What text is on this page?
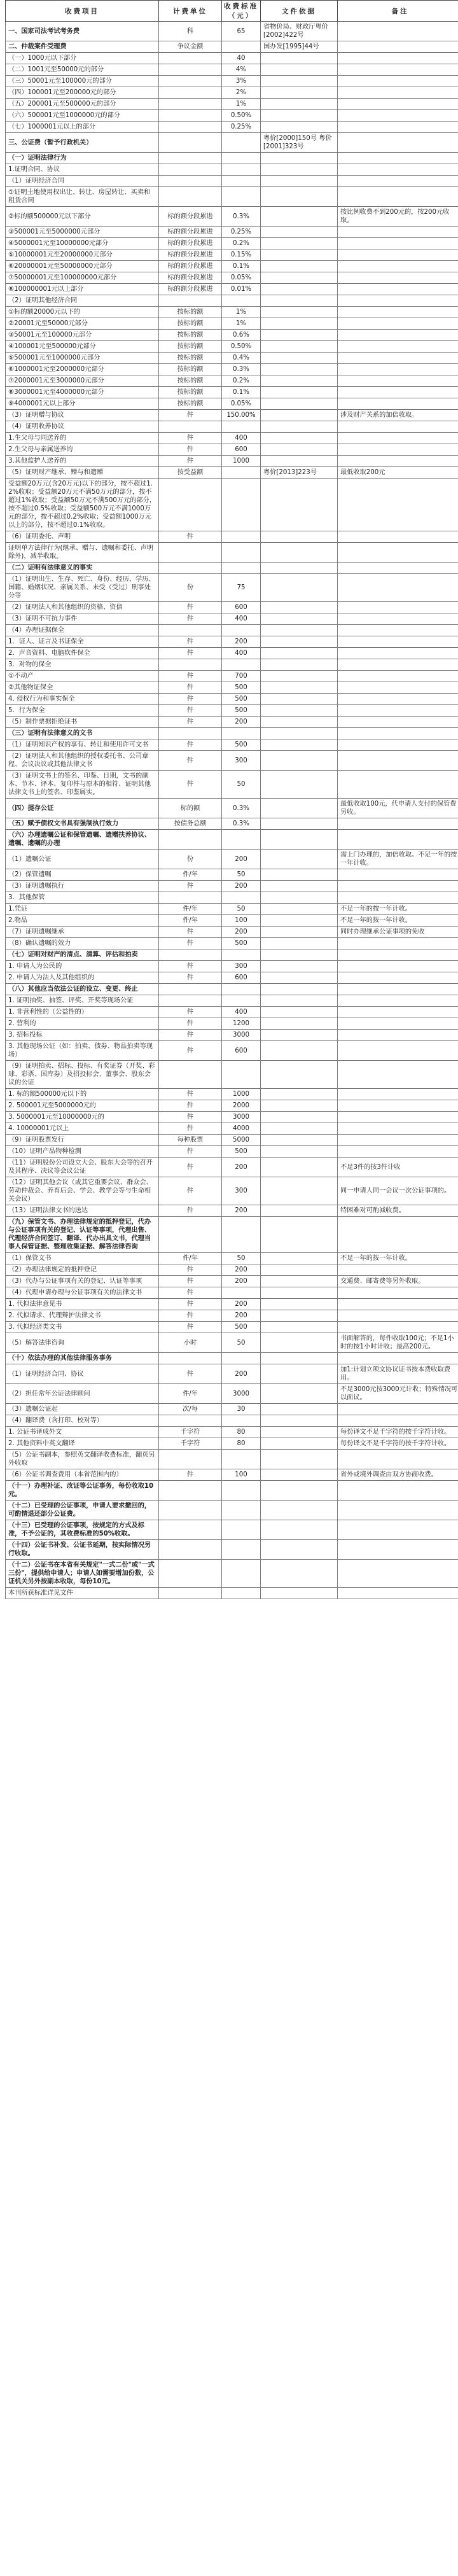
收费项目	计费单位	收费标准（元）	文件依据	备注
一、国家司法考试考务费	科	65	省物价局、财政厅粤价[2002]422号	
二、仲裁案件受理费	争议金额		国办发[1995]44号	
（一）1000元以下部分		40		
（二）1001元至50000元的部分		4%		
（三）50001元至100000元的部分		3%		
（四）100001元至200000元的部分		2%		
（五）200001元至500000元的部分		1%		
（六）500001元至1000000元的部分		0.50%		
（七）1000001元以上的部分		0.25%		
三、公证费（暂予行政机关）			粤价[2000]150号 粤价[2001]323号	
（一）证明法律行为				
1.证明合同、协议				
（1）证明经济合同				
①证明土地使用权出让、转让、房屋转让、买卖和租赁合同				
②标的额500000元以下部分	标的额分段累进	0.3%		按比例收费不到200元的，按200元收取。
③500001元至5000000元部分	标的额分段累进	0.25%		
④5000001元至10000000元部分	标的额分段累进	0.2%		
⑤10000001元至20000000元部分	标的额分段累进	0.15%		
⑥20000001元至50000000元部分	标的额分段累进	0.1%		
⑦50000001元至100000000元部分	标的额分段累进	0.05%		
⑧100000001元以上部分	标的额分段累进	0.01%		
（2）证明其他经济合同				
①标的额20000元以下的	按标的额	1%		
②20001元至50000元部分	按标的额	1%		
③50001元至100000元部分	按标的额	0.6%		
④100001元至500000元部分	按标的额	0.50%		
⑤500001元至1000000元部分	按标的额	0.4%		
⑥1000001元至2000000元部分	按标的额	0.3%		
⑦2000001元至3000000元部分	按标的额	0.2%		
⑧3000001元至4000000元部分	按标的额	0.1%		
⑨4000001元以上部分	按标的额	0.05%		
（3）证明赠与协议	件	150.00%		涉及财产关系的加倍收取。
（4）证明收养协议				
1.生父母与同送养的	件	400		
2.生父母与亲属送养的	件	600		
3.其他监护人送养的	件	1000		
（5）证明财产继承、赠与和遗赠	按受益额		粤价[2013]223号	最低收取200元
受益额20万元(含20万元)以下的部分，按不超过1.2%收取；受益额20万元不满50万元的部分，按不超过1%收取；受益额50万元不满500万元的部分，按不超过0.5%收取；受益额500万元不满1000万元的部分，按不超过0.2%收取；受益额1000万元以上的部分，按不超过0.1%收取。				
（6）证明委托、声明	件			
证明单方法律行为(继承、赠与、遗嘱和委托、声明除外)，减半收取。				
（二）证明有法律意义的事实				
（1）证明出生、生存、死亡、身份、经历、学历、国籍、婚姻状况、亲属关系、未受（受过）刑事处分等	份	75		
（2）证明法人和其他组织的资格、资信	件	600		
（3）证明不可抗力事件	件	400		
（4）办理证据保全				
1．证人、证言及书证保全	件	200		
2．声音资料、电脑软件保全	件	400		
3．对物的保全				
①不动产	件	700		
②其他物证保全	件	500		
4. 侵权行为和事实保全	件	500		
5．行为保全	件	500		
（5）制作票据拒绝证书	件	200		
（三）证明有法律意义的文书				
（1）证明知识产权的享有、转让和使用许可文书	件	500		
（2）证明法人和其他组织的授权委托书、公司章程、会议决议或其他法律文书	件	300		
（3）证明文书上的签名、印鉴、日期，文书的副本、节本、译本、复印件与原本的相符、证明其他法律文书上的签名、印鉴属实。	件	50		
（四）提存公证	标的额	0.3%		最低收取100元，代申请人支付的保管费另收。
（五）赋予债权文书具有强制执行效力	按债务总额	0.3%		
（六）办理遗嘱公证和保管遗嘱、遗赠扶养协议、遗嘱、遗嘱的办理				
（1）遗嘱公证	份	200		需上门办理的，加倍收取。不足一年的按一年计收。
（2）保管遗嘱	件/年	50		
（3）证明遗嘱执行	件	200		
3．其他保管				
1.凭证	件/年	50		不足一年的按一年计收。
2.物品	件/年	100		不足一年的按一年计收。
（7）证明遗嘱继承	件	200		同时办理继承公证事项的免收
（8）确认遗嘱的效力	件	500		
（七）证明对财产的清点、清算、评估和拍卖				
1. 申请人为公民的	件	300		
2. 申请人为法人及其他组织的	件	600		
（八）其他应当依法公证的设立、变更、终止				
1. 证明抽奖、抽签、评奖、开奖等现场公证				
1. 非营利性的（公益性的）	件	400		
2. 营利的	件	1200		
3. 招标投标	件	3000		
3. 其他现场公证（如：拍卖、债券、物品拍卖等现场）	件	600		
（9）证明拍卖、招标、投标、有奖证券（开奖、彩球、彩票、国库券）及招投标会、董事会、股东会议的公证				
1. 标的额500000元以下的	件	1000		
2. 500001元至5000000元的	件	2000		
3. 5000001元至10000000元的	件	3000		
4. 10000001元以上	件	4000		
（9）证明股票发行	每种股票	5000		
（10）证明产品物种检测	件	500		
（11）证明股份公司设立大会、股东大会等的召开及其程序、决议等会议公证	件	200		不足3件的按3件计收
（12）证明其他会议（或其它重要会议、群众会、劳动仲裁会、养育后会、学会、教学会等与生命相关会议）	件	300		同一申请人同一会议一次公证事项的。
（13）证明法律文书的送达	件	200		特困难对可酌减收费。
（九）保管文书、办理法律规定的抵押登记，代办与公证事项有关的登记、认证等事项，代理出售、代理经济合同签订、翻译、代办出具文书，代理当事人保管证据、整理收集证据、解答法律咨询				
（1）保管文书	件/年	50		不足一年的按一年计收。
（2）办理法律规定的抵押登记	件	200		
（3）代办与公证事项有关的登记、认证等事项	件	200		交通费、邮寄费等另外收取。
（4）代理申请办理与公证事项有关的法律文书	件			
1. 代拟法律意见书	件	200		
2. 代拟请求、代理辩护法律文书	件	200		
3. 代拟经济类文书	件	500		
（5）解答法律咨询	小时	50		书面解答的，每件收取100元；不足1小时的按1小时计收；最高200元。
（十）依法办理的其他法律服务事务				
（1）证明经济合同、协议	件	200		加1:计划立项文协议证书按本费收取费用。
（2）担任常年公证法律顾问	件/年	3000		不足3000元按3000元计收；特殊情况可以面议。
（3）遗嘱公证起	次/每	30		
（4）翻译费（含打印、校对等）				
1. 公证书译成外文	千字符	80		每份译文不足千字符的按千字符计收。
2. 其他资料中英文翻译	千字符	80		每份译文不足千字符的按千字符计收。
（5）公证书副本，参照英文翻译收费标准，翻页另外收取				
（6）公证书调查费用（本省范围内的）	件	100		省外或境外调查由双方协商收费。
（十一）办理补证、改证等公证事务，每份收取10元。				
（十二）已受理的公证事项，申请人要求撤回的，可酌情退还部分公证费。				
（十三）已受理的公证事项，按规定的方式及标准，不予公证的，其收费标准的50%收取。				
（十四）公证书补发、公证书延期，按实际情况另行收取。				
（十二）公证书在本省有关规定"一式二份"或"一式三份"，提供给申请人；申请人如需要增加份数，公证机关另外按副本收取，每份10元。				
本刊所获标准详见文件				
